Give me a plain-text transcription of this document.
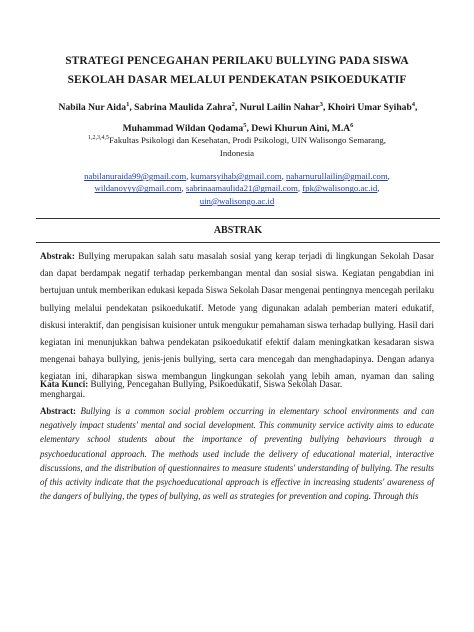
STRATEGI PENCEGAHAN PERILAKU BULLYING PADA SISWA
SEKOLAH DASAR MELALUI PENDEKATAN PSIKOEDUKATIF
Nabila Nur Aida$^1$, Sabrina Maulida Zahra$^2$, Nurul Lailin Nahar$^3$, Khoiri Umar Syihab$^4$,
Muhammad Wildan Qodama$^5$, Dewi Khurun Aini, $M.A^6$
$^{1,2,3,4,5}$Fakultas Psikologi dan Kesehatan, Prodi Psikologi, UIN Walisongo Semarang,
Indonesia
nabilanuraida99@gmail.com, kumarsyihab@gmail.com, naharnurullailin@gmail.com,
wildanoyyy@gmail.com, sabrinaamaulida21@gmail.com, fpk@walisongo.ac.id,
uin@walisongo.ac.id
ABSTRAK
Abstrak: Bullying merupakan salah satu masalah sosial yang kerap terjadi di lingkungan Sekolah Dasar dan dapat berdampak negatif terhadap perkembangan mental dan sosial siswa. Kegiatan pengabdian ini bertujuan untuk memberikan edukasi kepada Siswa Sekolah Dasar mengenai pentingnya mencegah perilaku bullying melalui pendekatan psikoedukatif. Metode yang digunakan adalah pemberian materi edukatif, diskusi interaktif, dan pengisisan kuisioner untuk mengukur pemahaman siswa terhadap bullying. Hasil dari kegiatan ini menunjukkan bahwa pendekatan psikoedukatif efektif dalam meningkatkan kesadaran siswa mengenai bahaya bullying, jenis-jenis bullying, serta cara mencegah dan menghadapinya. Dengan adanya kegiatan ini, diharapkan siswa membangun lingkungan sekolah yang lebih aman, nyaman dan saling menghargai.
Kata Kunci: Bullying, Pencegahan Bullying, Psikoedukatif, Siswa Sekolah Dasar.
Abstract: Bullying is a common social problem occurring in elementary school environments and can negatively impact students' mental and social development. This community service activity aims to educate elementary school students about the importance of preventing bullying behaviours through a psychoeducational approach. The methods used include the delivery of educational material, interactive discussions, and the distribution of questionnaires to measure students' understanding of bullying. The results of this activity indicate that the psychoeducational approach is effective in increasing students' awareness of the dangers of bullying, the types of bullying, as well as strategies for prevention and coping. Through this
